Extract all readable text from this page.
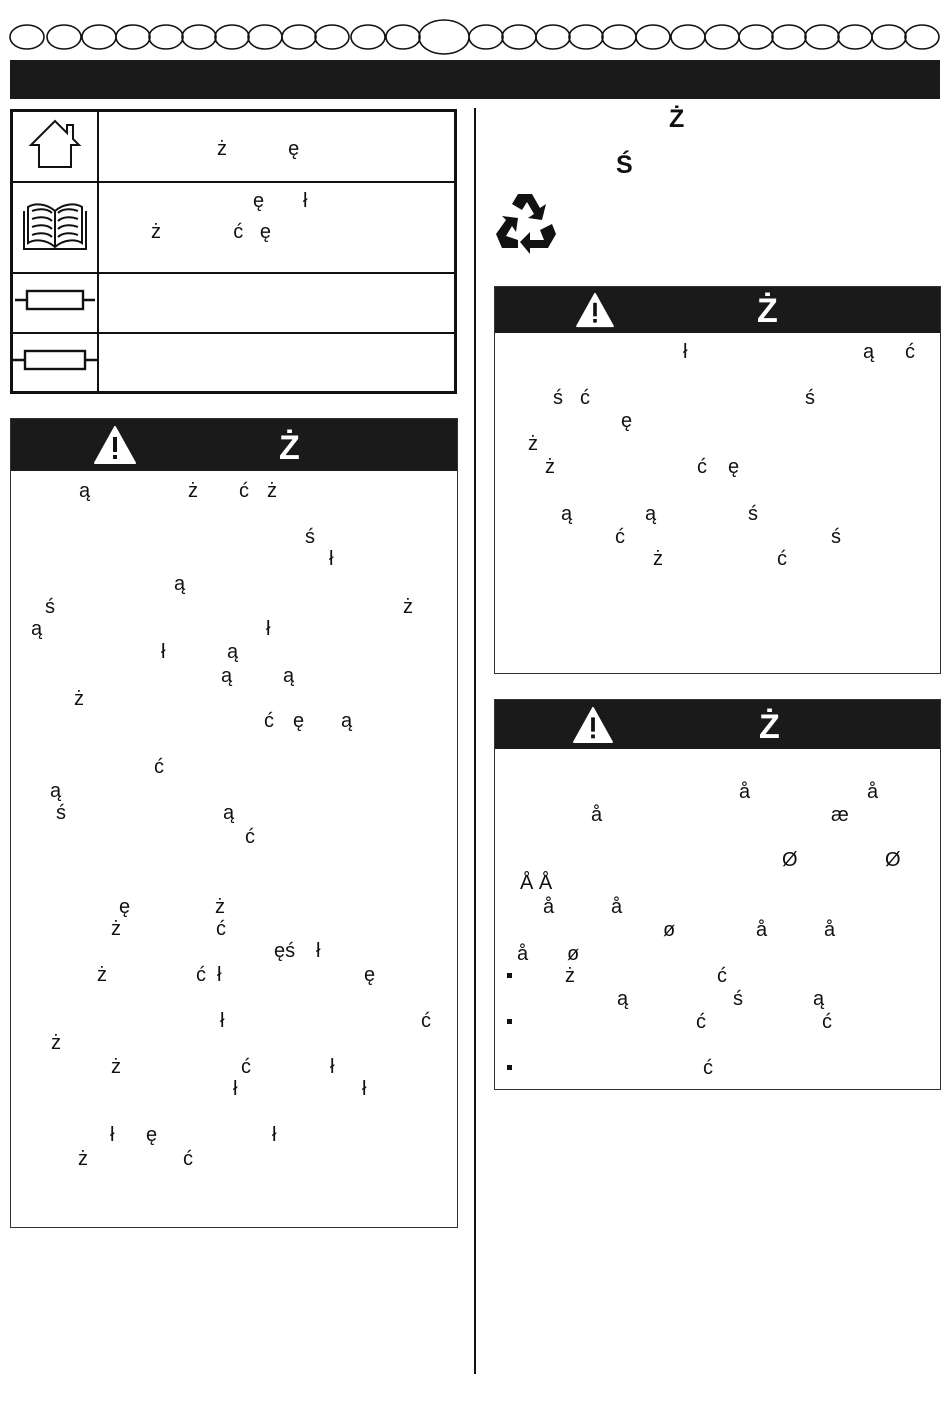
ż           ę

ę       ł
ż             ć   ę

Ż
ą	ż ć ż
ś
ł
ą
ś	ż
ą	ł
ł	ą
ą	ą
ż
ć ę ą
ć
ą
ś	ą
ć
ę	ż
ż	ć
ęś ł
ż	ć ł	ę
ł	ć
ż
ż	ć	ł
ł	ł
ł ę	ł
ż	ć
Ż
Ś
Ż
ł	ą ć
ś ć	ś
ę
ż
ż	ć ę
ą	ą	ś
ć	ś
ż	ć
Ż
å	å
å	æ
Ø	Ø
Å Å
å	å
ø	å	å
å ø
ż	ć
ą	ś	ą
ć	ć
ć
